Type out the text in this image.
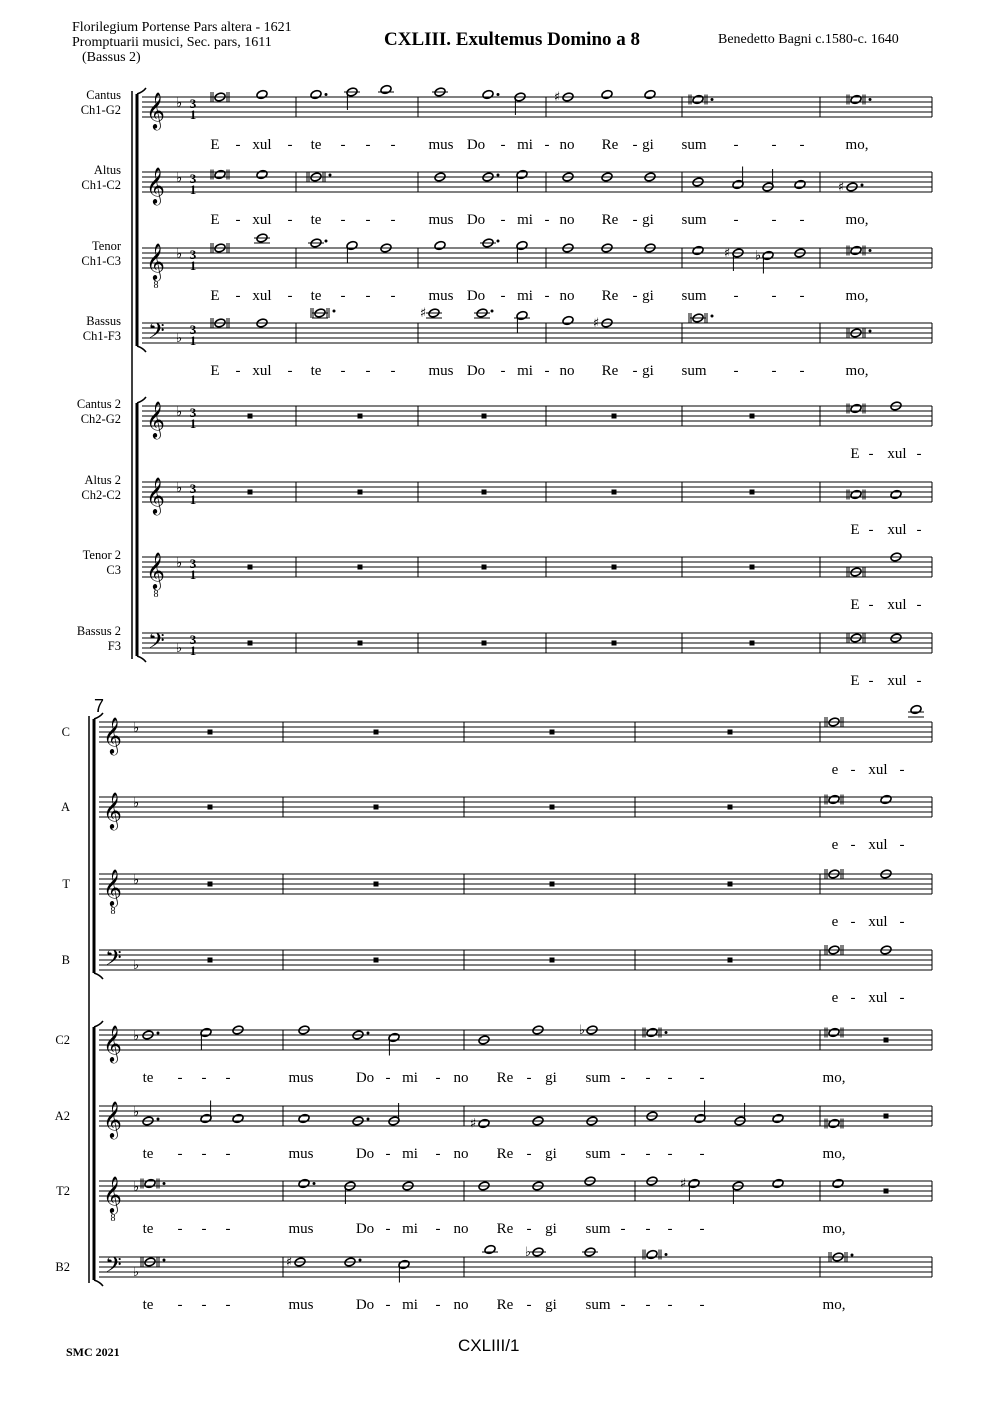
Florilegium Portense Pars altera - 1621
Promptuarii musici, Sec. pars, 1611
(Bassus 2)
CXLIII. Exultemus Domino a 8	Benedetto Bagni c.1580-c. 1640
𝄞 ♭ 3
1
Cantus
Ch1-G2
E - xul - te - - - mus Do - mi - no Re - gi sum - - -	mo,
♯
𝄞 ♭ 3
1
Altus
Ch1-C2
E - xul - te - - - mus Do - mi - no Re - gi sum - - -	mo,
♯
𝄞
8
♭ 3
1
Tenor
Ch1-C3
E - xul - te - - - mus Do - mi - no Re - gi sum - - -	mo,
♯ ♭
𝄢 ♭
3
1
Bassus
Ch1-F3
E - xul - te - - - mus Do - mi - no Re - gi sum - - -	mo,
♯
♯
𝄞 ♭ 3
1
Cantus 2
Ch2-G2
E - xul -
𝄞 ♭ 3
1
Altus 2
Ch2-C2
E - xul -
𝄞
8
♭ 3
1
Tenor 2
C3
E - xul -
𝄢 ♭
3
1
Bassus 2
F3
E - xul -
𝄞 ♭
C
e - xul -
𝄞 ♭
A
e - xul -
𝄞
8
♭
T
e - xul -
𝄢 ♭
B
e - xul -
𝄞 ♭
C2
te - - -	mus	Do - mi - no Re - gi sum - - - -	mo,
♭
𝄞 ♭
A2
te - - -	mus	Do - mi - no Re - gi sum - - - -	mo,
♯
𝄞
8
♭
T2
te - - -	mus	Do - mi - no Re - gi sum - - - -	mo,
♯
𝄢 ♭
B2
te - - -	mus	Do - mi - no Re - gi sum - - - -	mo,
♯
♭
7
SMC 2021	CXLIII/1
